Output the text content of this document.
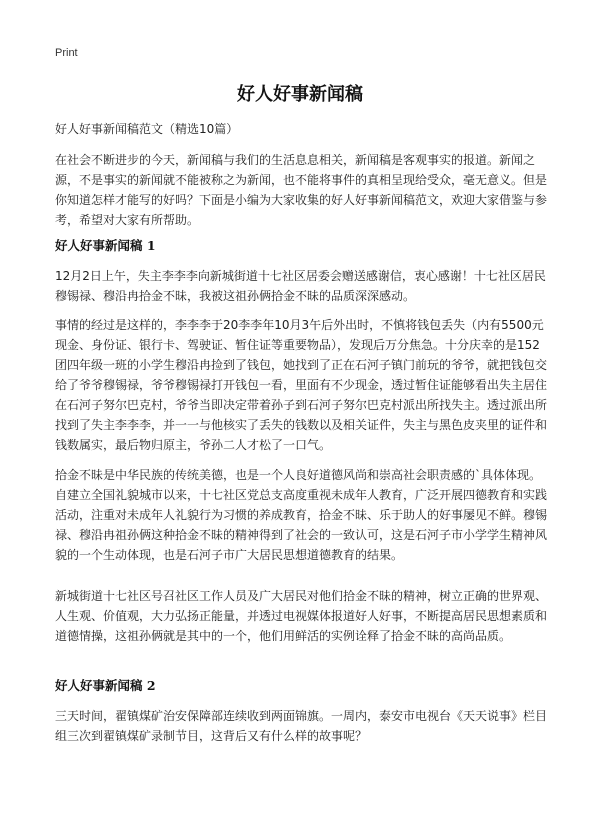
Print
好人好事新闻稿
好人好事新闻稿范文（精选10篇）

在社会不断进步的今天，新闻稿与我们的生活息息相关，新闻稿是客观事实的报道。新闻之源，不是事实的新闻就不能被称之为新闻，也不能将事件的真相呈现给受众，毫无意义。但是你知道怎样才能写的好吗？下面是小编为大家收集的好人好事新闻稿范文，欢迎大家借鉴与参考，希望对大家有所帮助。

好人好事新闻稿 1

12月2日上午，失主李李李向新城街道十七社区居委会赠送感谢信，衷心感谢！十七社区居民穆锡禄、穆沿冉拾金不昧，我被这祖孙俩拾金不昧的品质深深感动。

事情的经过是这样的，李李李于20李李年10月3午后外出时，不慎将钱包丢失（内有5500元现金、身份证、银行卡、驾驶证、暂住证等重要物品），发现后万分焦急。十分庆幸的是152团四年级一班的小学生穆沿冉捡到了钱包，她找到了正在石河子镇门前玩的爷爷，就把钱包交给了爷爷穆锡禄，爷爷穆锡禄打开钱包一看，里面有不少现金，透过暂住证能够看出失主居住在石河子努尔巴克村，爷爷当即决定带着孙子到石河子努尔巴克村派出所找失主。透过派出所找到了失主李李李，并一一与他核实了丢失的钱数以及相关证件，失主与黑色皮夹里的证件和钱数属实，最后物归原主，爷孙二人才松了一口气。

拾金不昧是中华民族的传统美德，也是一个人良好道德风尚和崇高社会职责感的`具体体现。自建立全国礼貌城市以来，十七社区党总支高度重视未成年人教育，广泛开展四德教育和实践活动，注重对未成年人礼貌行为习惯的养成教育，拾金不昧、乐于助人的好事屡见不鲜。穆锡禄、穆沿冉祖孙俩这种拾金不昧的精神得到了社会的一致认可，这是石河子市小学学生精神风貌的一个生动体现，也是石河子市广大居民思想道德教育的结果。

新城街道十七社区号召社区工作人员及广大居民对他们拾金不昧的精神，树立正确的世界观、人生观、价值观，大力弘扬正能量，并透过电视媒体报道好人好事，不断提高居民思想素质和道德情操，这祖孙俩就是其中的一个，他们用鲜活的实例诠释了拾金不昧的高尚品质。

好人好事新闻稿 2

三天时间，翟镇煤矿治安保障部连续收到两面锦旗。一周内，泰安市电视台《天天说事》栏目组三次到翟镇煤矿录制节目，这背后又有什么样的故事呢？
